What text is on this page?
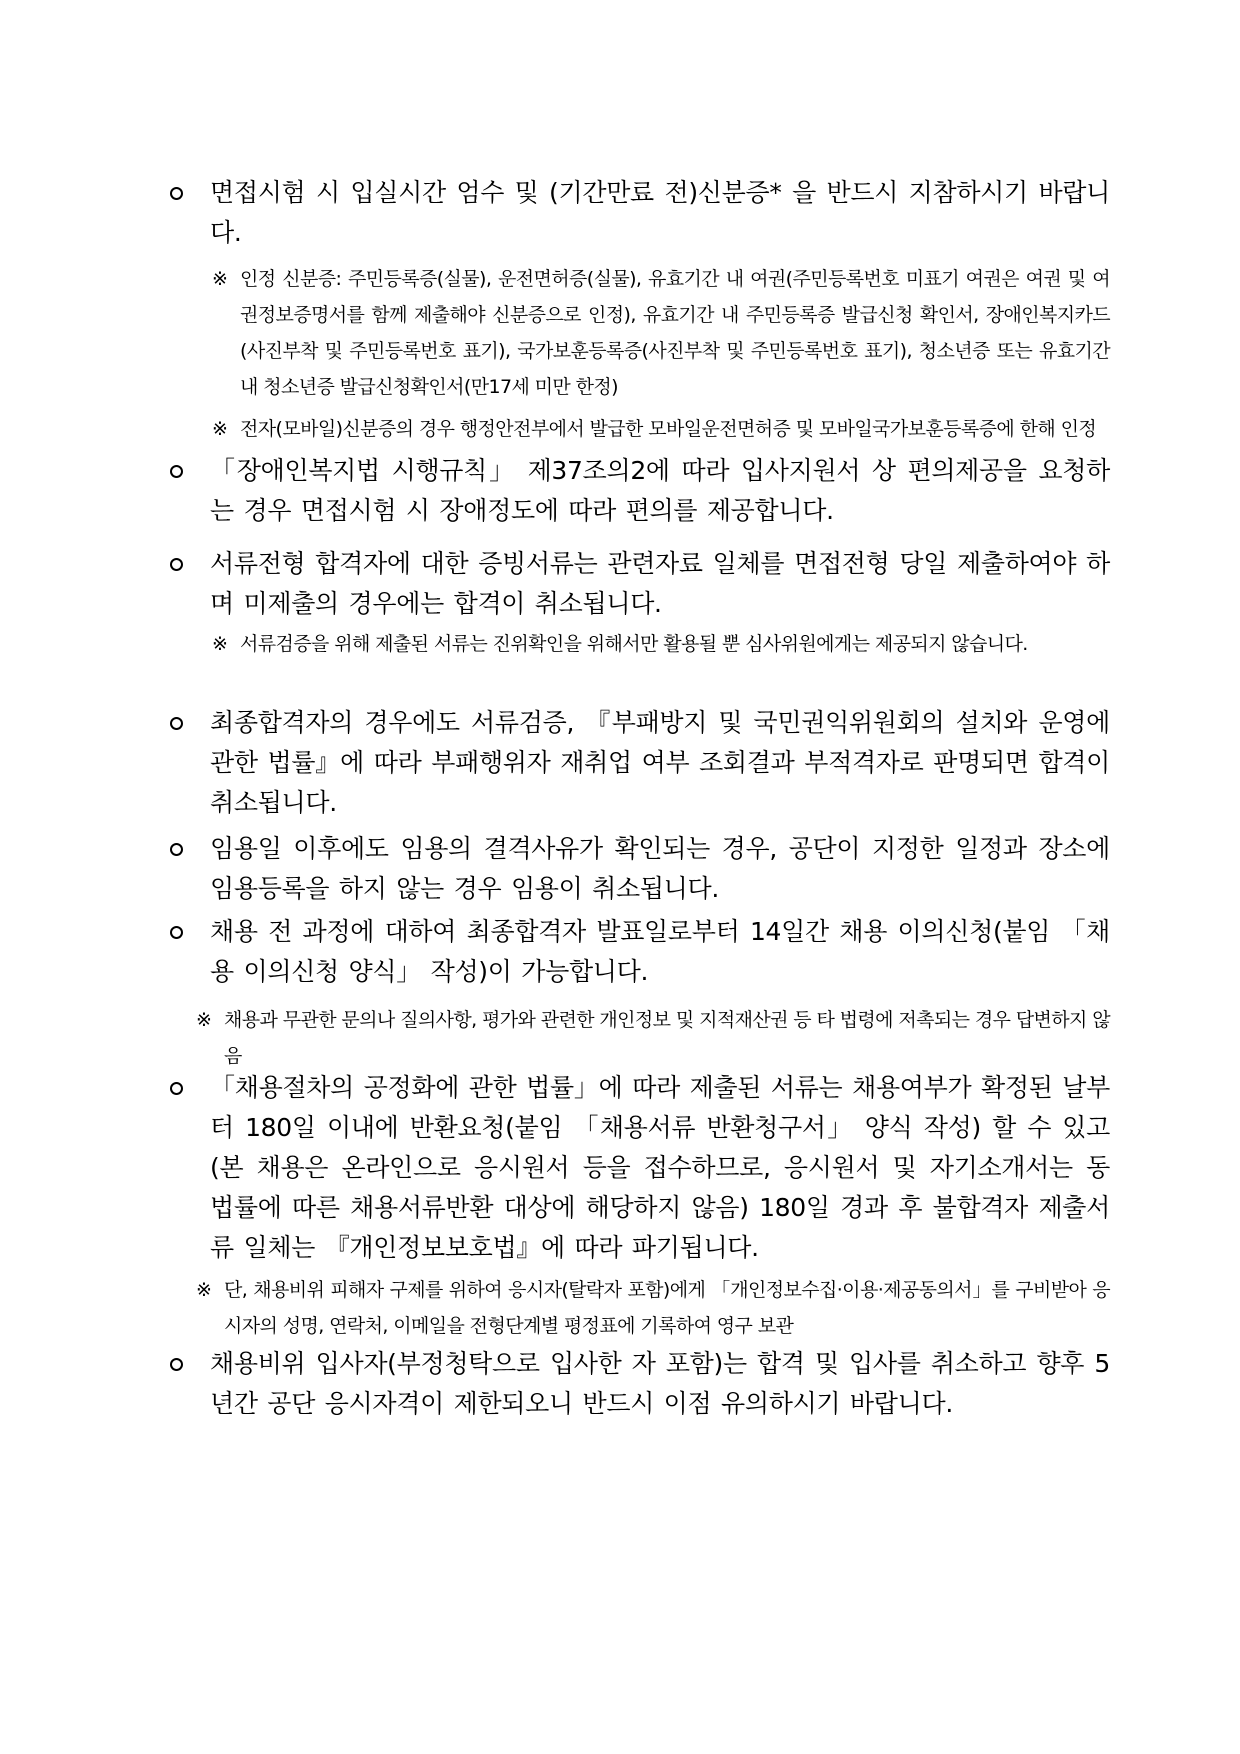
면접시험 시 입실시간 엄수 및 (기간만료 전)신분증* 을 반드시 지참하시기 바랍니다.
※ 인정 신분증: 주민등록증(실물), 운전면허증(실물), 유효기간 내 여권(주민등록번호 미표기 여권은 여권 및 여권정보증명서를 함께 제출해야 신분증으로 인정), 유효기간 내 주민등록증 발급신청 확인서, 장애인복지카드(사진부착 및 주민등록번호 표기), 국가보훈등록증(사진부착 및 주민등록번호 표기), 청소년증 또는 유효기간 내 청소년증 발급신청확인서(만17세 미만 한정)
※ 전자(모바일)신분증의 경우 행정안전부에서 발급한 모바일운전면허증 및 모바일국가보훈등록증에 한해 인정
「장애인복지법 시행규칙」 제37조의2에 따라 입사지원서 상 편의제공을 요청하는 경우 면접시험 시 장애정도에 따라 편의를 제공합니다.
서류전형 합격자에 대한 증빙서류는 관련자료 일체를 면접전형 당일 제출하여야 하며 미제출의 경우에는 합격이 취소됩니다.
※ 서류검증을 위해 제출된 서류는 진위확인을 위해서만 활용될 뿐 심사위원에게는 제공되지 않습니다.
최종합격자의 경우에도 서류검증, 『부패방지 및 국민권익위원회의 설치와 운영에 관한 법률』에 따라 부패행위자 재취업 여부 조회결과 부적격자로 판명되면 합격이 취소됩니다.
임용일 이후에도 임용의 결격사유가 확인되는 경우, 공단이 지정한 일정과 장소에 임용등록을 하지 않는 경우 임용이 취소됩니다.
채용 전 과정에 대하여 최종합격자 발표일로부터 14일간 채용 이의신청(붙임 「채용 이의신청 양식」 작성)이 가능합니다.
※ 채용과 무관한 문의나 질의사항, 평가와 관련한 개인정보 및 지적재산권 등 타 법령에 저촉되는 경우 답변하지 않음
「채용절차의 공정화에 관한 법률」에 따라 제출된 서류는 채용여부가 확정된 날부터 180일 이내에 반환요청(붙임 「채용서류 반환청구서」 양식 작성) 할 수 있고(본 채용은 온라인으로 응시원서 등을 접수하므로, 응시원서 및 자기소개서는 동 법률에 따른 채용서류반환 대상에 해당하지 않음) 180일 경과 후 불합격자 제출서류 일체는 『개인정보보호법』에 따라 파기됩니다.
※ 단, 채용비위 피해자 구제를 위하여 응시자(탈락자 포함)에게 「개인정보수집·이용·제공동의서」를 구비받아 응시자의 성명, 연락처, 이메일을 전형단계별 평정표에 기록하여 영구 보관
채용비위 입사자(부정청탁으로 입사한 자 포함)는 합격 및 입사를 취소하고 향후 5년간 공단 응시자격이 제한되오니 반드시 이점 유의하시기 바랍니다.
